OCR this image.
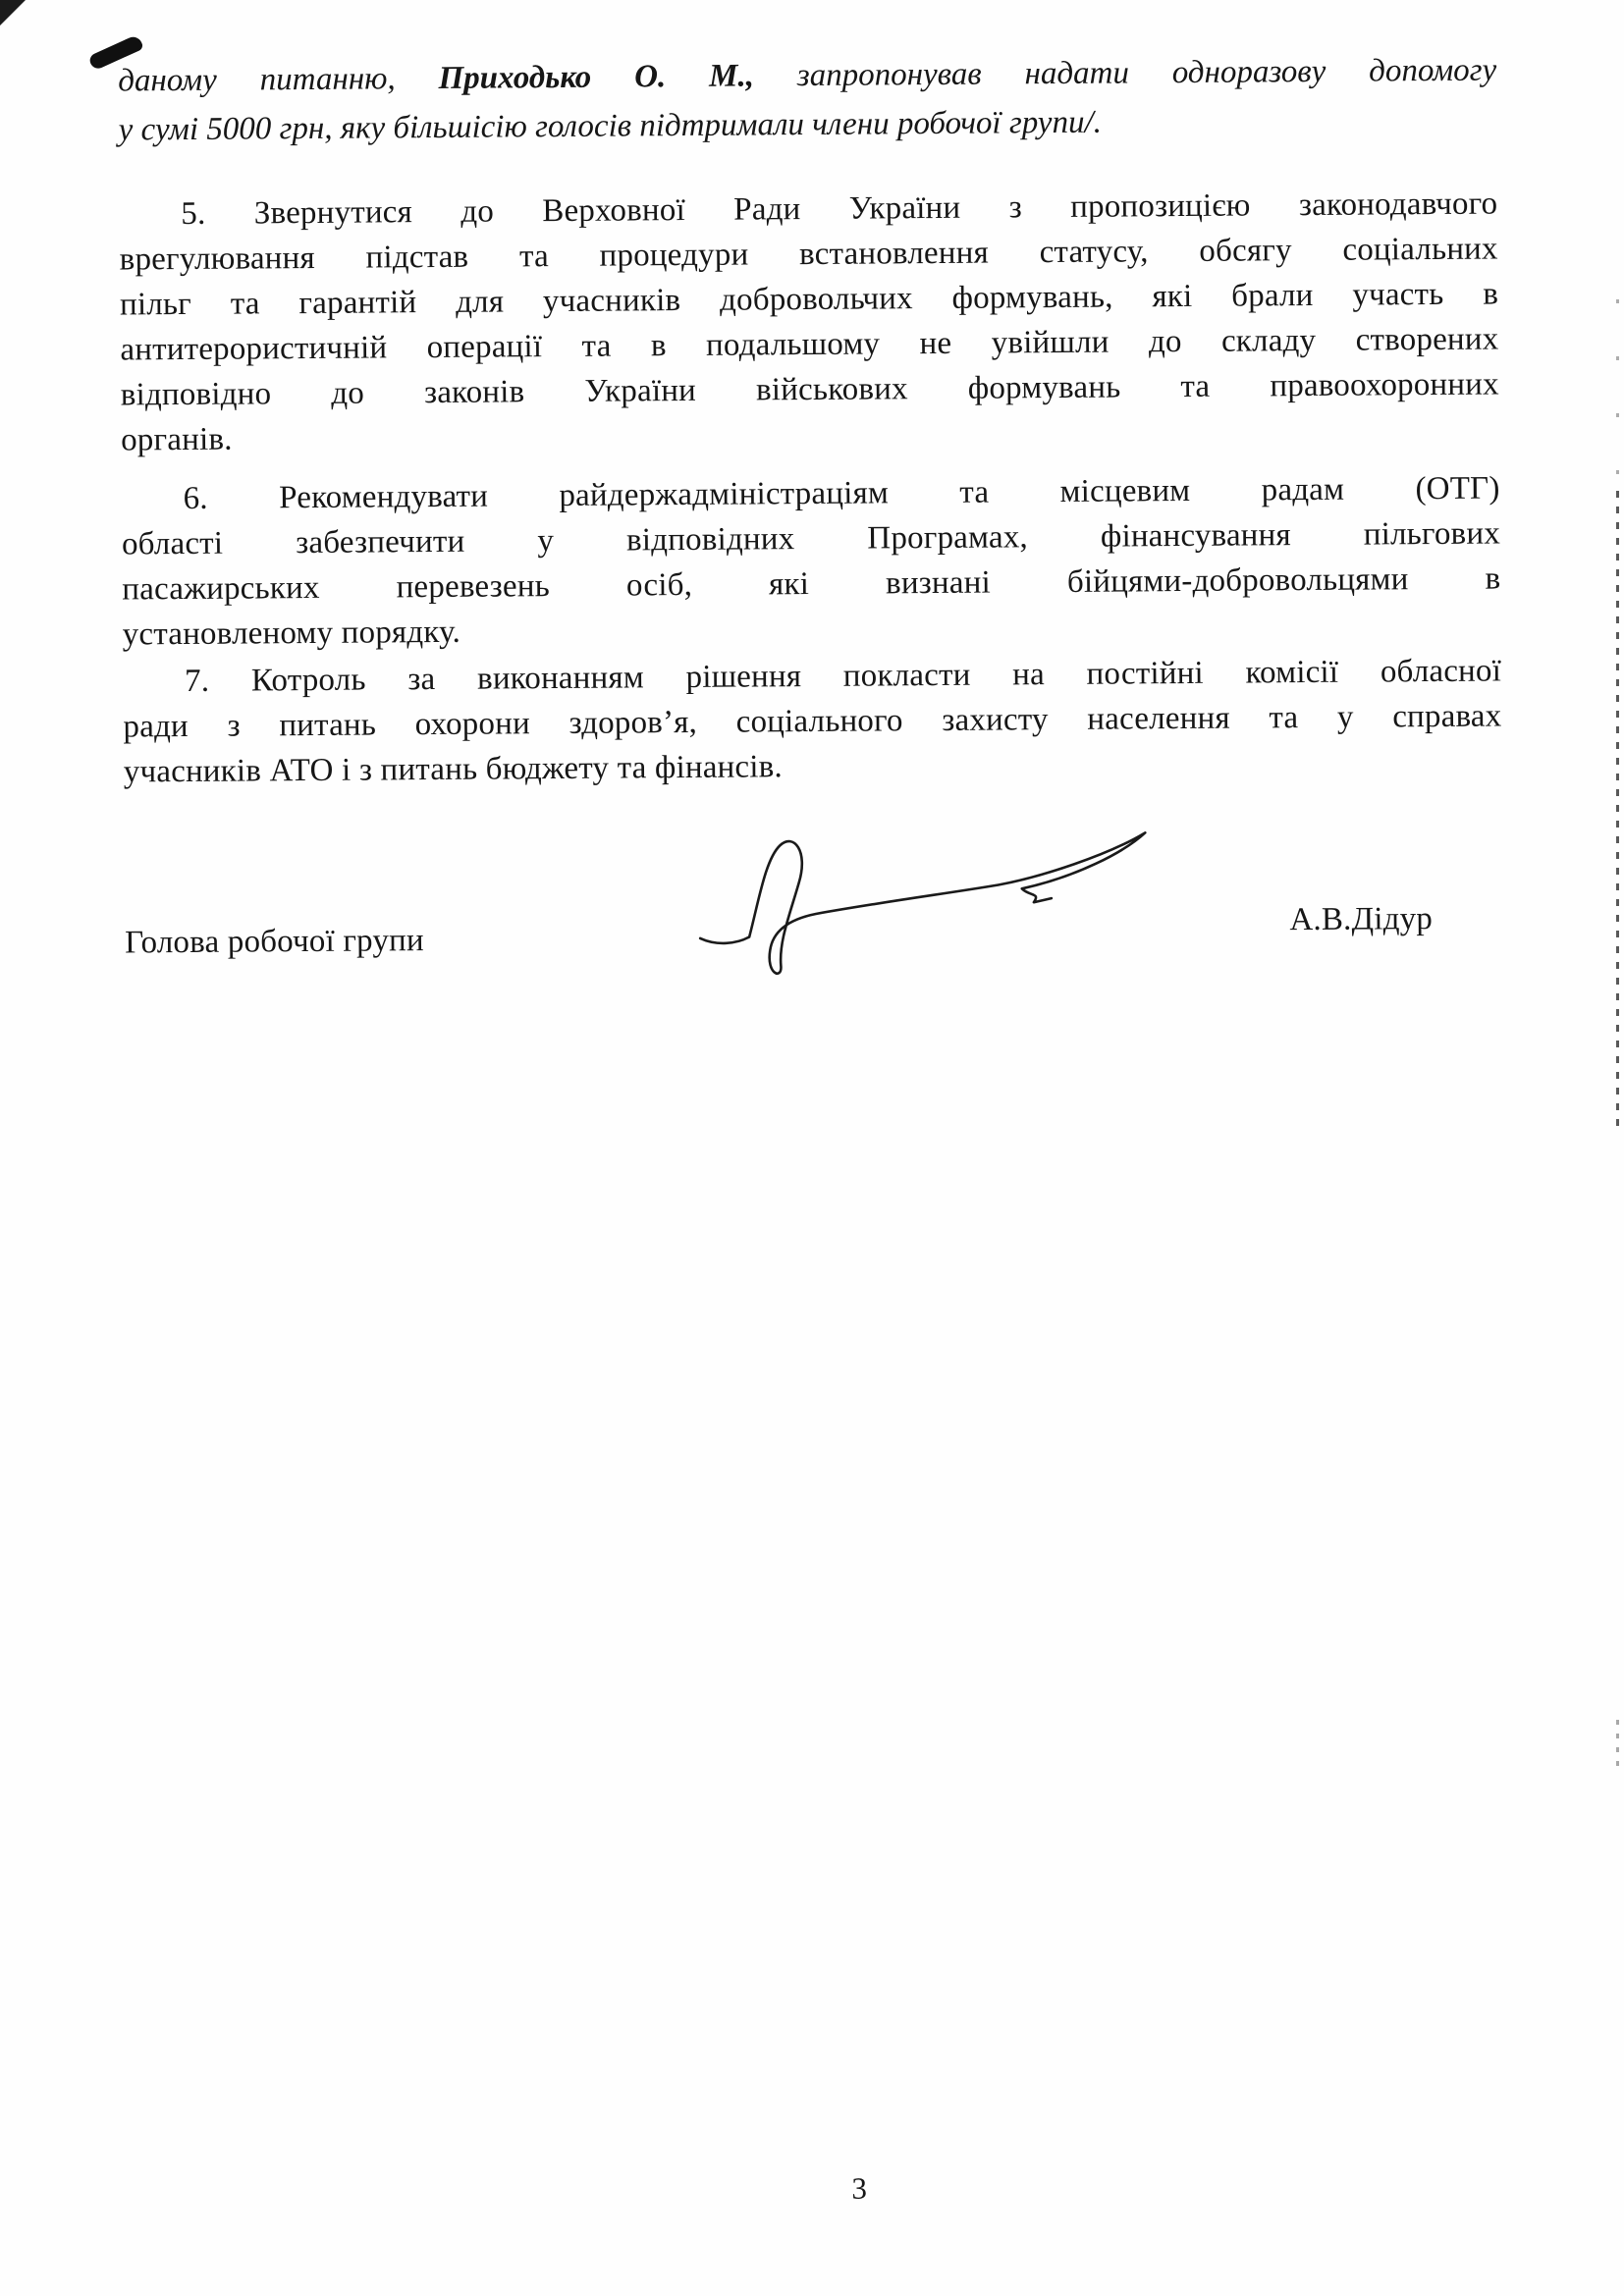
даному питанню, Приходько О. М., запропонував надати одноразову допомогу
у сумі 5000 грн, яку більшісію голосів підтримали члени робочої групи/.
5. Звернутися до Верховної Ради України з пропозицією законодавчого
врегулювання підстав та процедури встановлення статусу, обсягу соціальних
пільг та гарантій для учасників добровольчих формувань, які брали участь в
антитерористичній операції та в подальшому не увійшли до складу створених
відповідно до законів України військових формувань та правоохоронних
органів.
6. Рекомендувати райдержадміністраціям та місцевим радам (ОТГ)
області забезпечити у відповідних Програмах, фінансування пільгових
пасажирських перевезень осіб, які визнані бійцями-добровольцями в
установленому порядку.
7. Котроль за виконанням рішення покласти на постійні комісії обласної
ради з питань охорони здоров’я, соціального захисту населення та у справах
учасників АТО і з питань бюджету та фінансів.
Голова робочої групи
А.В.Дідур
3
